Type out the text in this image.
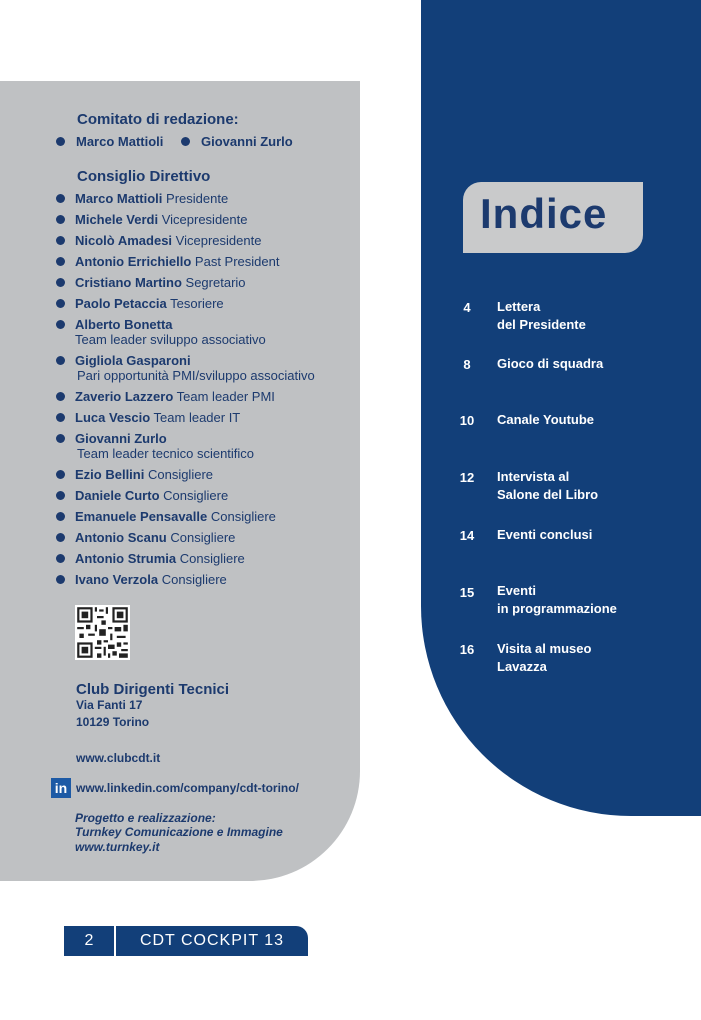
Comitato di redazione:
Marco Mattioli	Giovanni Zurlo
Consiglio Direttivo
Marco Mattioli Presidente
Michele Verdi Vicepresidente
Nicolò Amadesi Vicepresidente
Antonio Errichiello Past President
Cristiano Martino Segretario
Paolo Petaccia Tesoriere
Alberto Bonetta
Team leader sviluppo associativo
Gigliola Gasparoni
Pari opportunità PMI/sviluppo associativo
Zaverio Lazzero Team leader PMI
Luca Vescio Team leader IT
Giovanni Zurlo
Team leader tecnico scientifico
Ezio Bellini Consigliere
Daniele Curto Consigliere
Emanuele Pensavalle Consigliere
Antonio Scanu Consigliere
Antonio Strumia Consigliere
Ivano Verzola Consigliere
Club Dirigenti Tecnici
Via Fanti 17
10129 Torino
www.clubcdt.it
in www.linkedin.com/company/cdt-torino/
Progetto e realizzazione:
Turnkey Comunicazione e Immagine
www.turnkey.it
Indice
4	Lettera
del Presidente
8	Gioco di squadra
10	Canale Youtube
12	Intervista al
Salone del Libro
14	Eventi conclusi
15	Eventi
in programmazione
16	Visita al museo
Lavazza
2	CDT COCKPIT 13
